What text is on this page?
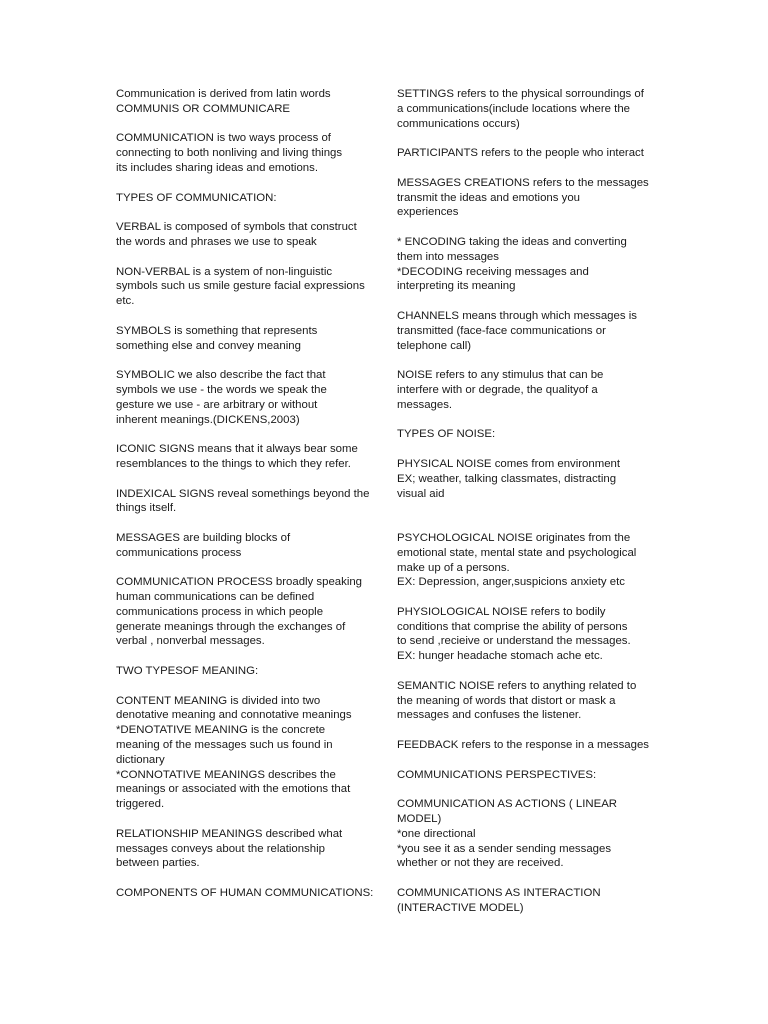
Communication is derived from latin words
COMMUNIS OR COMMUNICARE

COMMUNICATION is two ways process of
connecting to both nonliving and living things
its includes sharing ideas and emotions.

TYPES OF COMMUNICATION:

VERBAL is composed of symbols that construct
the words and phrases we use to speak

NON-VERBAL is a system of non-linguistic
symbols such us smile gesture facial expressions
etc.

SYMBOLS is something that represents
something else and convey meaning

SYMBOLIC we also describe the fact that
symbols we use - the words we speak the
gesture we use - are arbitrary or without
inherent meanings.(DICKENS,2003)

ICONIC SIGNS means that it always bear some
resemblances to the things to which they refer.

INDEXICAL SIGNS reveal somethings beyond the
things itself.

MESSAGES are building blocks of
communications process

COMMUNICATION PROCESS broadly speaking
human communications can be defined
communications process in which people
generate meanings through the exchanges of
verbal , nonverbal messages.

TWO TYPESOF MEANING:

CONTENT MEANING is divided into two
denotative meaning and connotative meanings
*DENOTATIVE MEANING is the concrete
meaning of the messages such us found in
dictionary
*CONNOTATIVE MEANINGS describes the
meanings or associated with the emotions that
triggered.

RELATIONSHIP MEANINGS described what
messages conveys about the relationship
between parties.

COMPONENTS OF HUMAN COMMUNICATIONS:

SETTINGS refers to the physical sorroundings of
a communications(include locations where the
communications occurs)

PARTICIPANTS refers to the people who interact

MESSAGES CREATIONS refers to the messages
transmit the ideas and emotions you
experiences

* ENCODING taking the ideas and converting
them into messages
*DECODING receiving messages and
interpreting its meaning

CHANNELS means through which messages is
transmitted (face-face communications or
telephone call)

NOISE refers to any stimulus that can be
interfere with or degrade, the qualityof a
messages.

TYPES OF NOISE:

PHYSICAL NOISE comes from environment
EX; weather, talking classmates, distracting
visual aid

PSYCHOLOGICAL NOISE originates from the
emotional state, mental state and psychological
make up of a persons.
EX: Depression, anger,suspicions anxiety etc

PHYSIOLOGICAL NOISE refers to bodily
conditions that comprise the ability of persons
to send ,recieive or understand the messages.
EX: hunger headache stomach ache etc.

SEMANTIC NOISE refers to anything related to
the meaning of words that distort or mask a
messages and confuses the listener.

FEEDBACK refers to the response in a messages

COMMUNICATIONS PERSPECTIVES:

COMMUNICATION AS ACTIONS ( LINEAR
MODEL)
*one directional
*you see it as a sender sending messages
whether or not they are received.

COMMUNICATIONS AS INTERACTION
(INTERACTIVE MODEL)
